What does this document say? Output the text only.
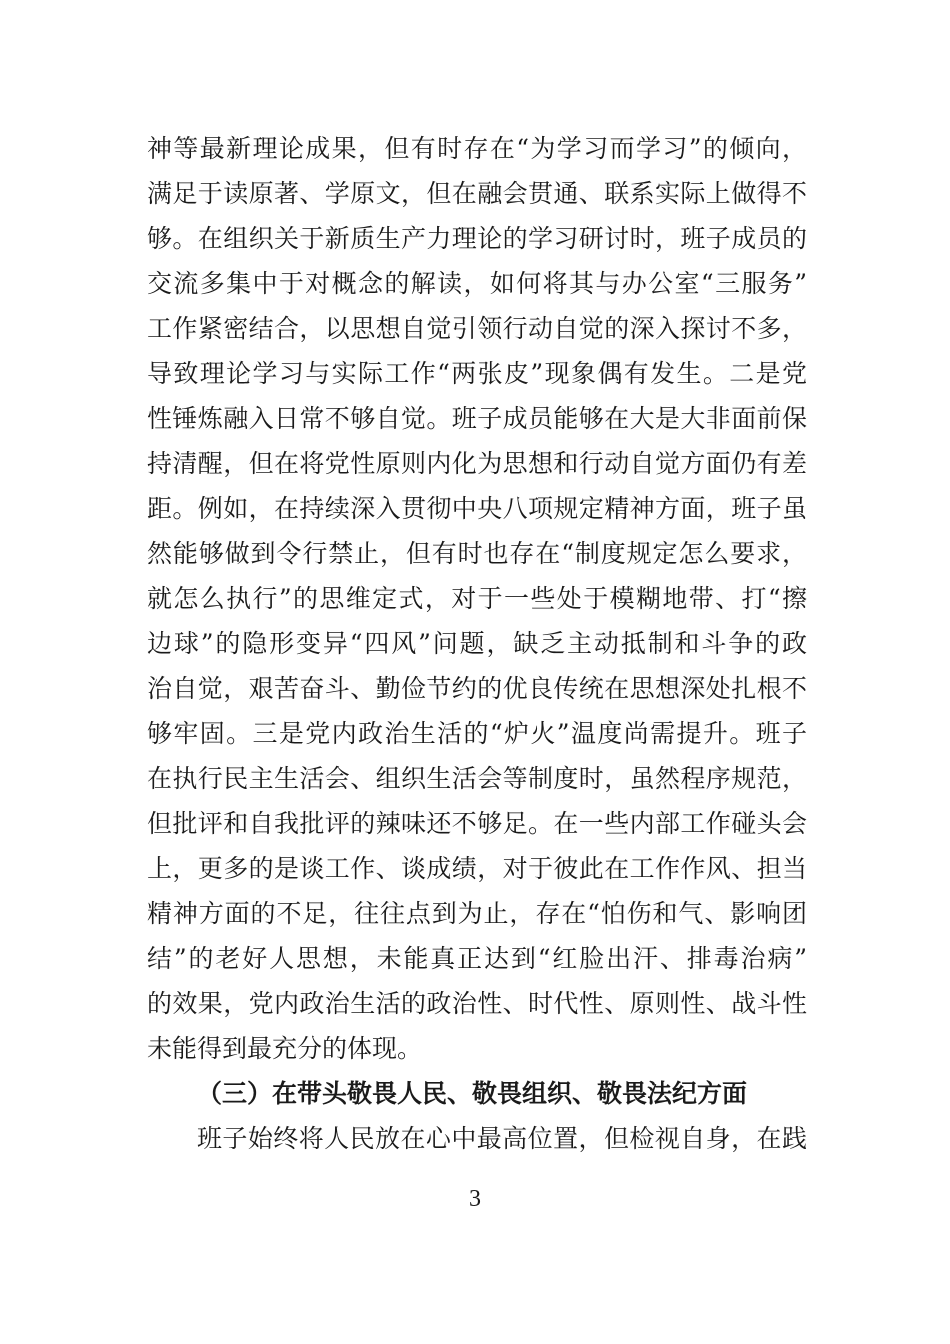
神等最新理论成果，但有时存在“为学习而学习”的倾向，
满足于读原著、学原文，但在融会贯通、联系实际上做得不
够。在组织关于新质生产力理论的学习研讨时，班子成员的
交流多集中于对概念的解读，如何将其与办公室“三服务”
工作紧密结合，以思想自觉引领行动自觉的深入探讨不多，
导致理论学习与实际工作“两张皮”现象偶有发生。二是党
性锤炼融入日常不够自觉。班子成员能够在大是大非面前保
持清醒，但在将党性原则内化为思想和行动自觉方面仍有差
距。例如，在持续深入贯彻中央八项规定精神方面，班子虽
然能够做到令行禁止，但有时也存在“制度规定怎么要求，
就怎么执行”的思维定式，对于一些处于模糊地带、打“擦
边球”的隐形变异“四风”问题，缺乏主动抵制和斗争的政
治自觉，艰苦奋斗、勤俭节约的优良传统在思想深处扎根不
够牢固。三是党内政治生活的“炉火”温度尚需提升。班子
在执行民主生活会、组织生活会等制度时，虽然程序规范，
但批评和自我批评的辣味还不够足。在一些内部工作碰头会
上，更多的是谈工作、谈成绩，对于彼此在工作作风、担当
精神方面的不足，往往点到为止，存在“怕伤和气、影响团
结”的老好人思想，未能真正达到“红脸出汗、排毒治病”
的效果，党内政治生活的政治性、时代性、原则性、战斗性
未能得到最充分的体现。
（三）在带头敬畏人民、敬畏组织、敬畏法纪方面
班子始终将人民放在心中最高位置，但检视自身，在践
3
